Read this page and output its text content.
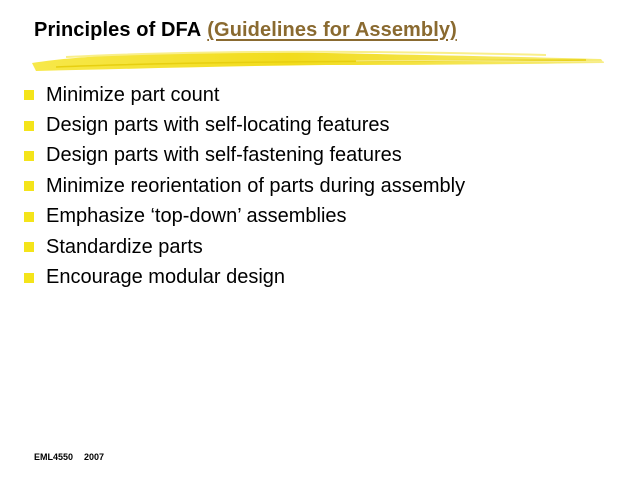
Principles of DFA (Guidelines for Assembly)
Minimize part count
Design parts with self-locating features
Design parts with self-fastening features
Minimize reorientation of parts during assembly
Emphasize ‘top-down’ assemblies
Standardize parts
Encourage modular design
EML4550 2007
